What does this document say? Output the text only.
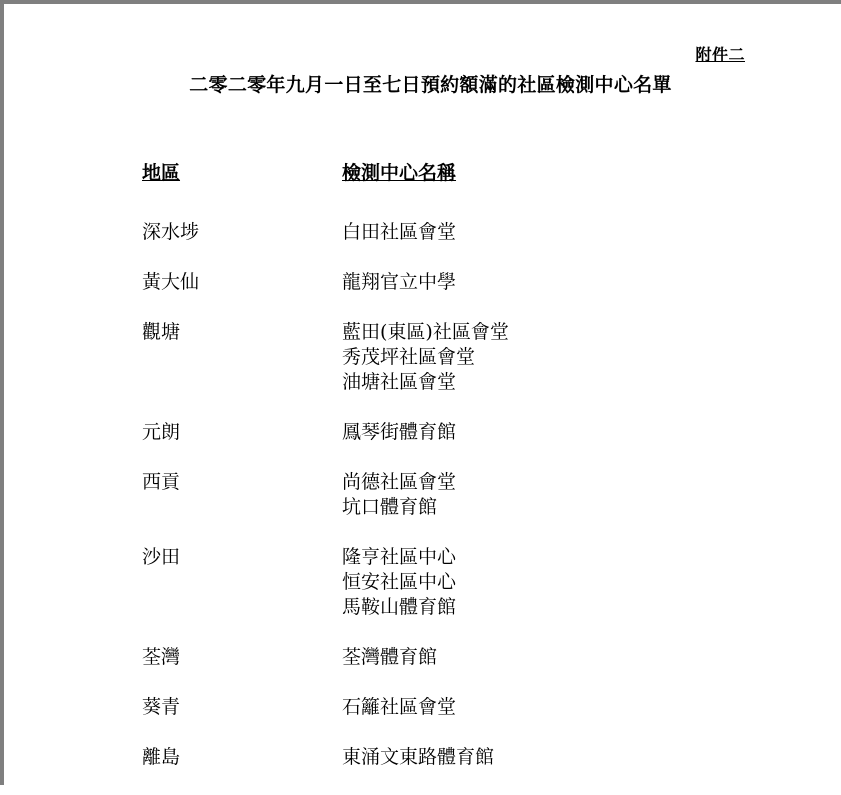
附件二
二零二零年九月一日至七日預約額滿的社區檢測中心名單
地區	檢測中心名稱
深水埗	白田社區會堂
黃大仙	龍翔官立中學
觀塘	藍田(東區)社區會堂
秀茂坪社區會堂
油塘社區會堂
元朗	鳳琴街體育館
西貢	尚德社區會堂
坑口體育館
沙田	隆亨社區中心
恒安社區中心
馬鞍山體育館
荃灣	荃灣體育館
葵青	石籬社區會堂
離島	東涌文東路體育館
